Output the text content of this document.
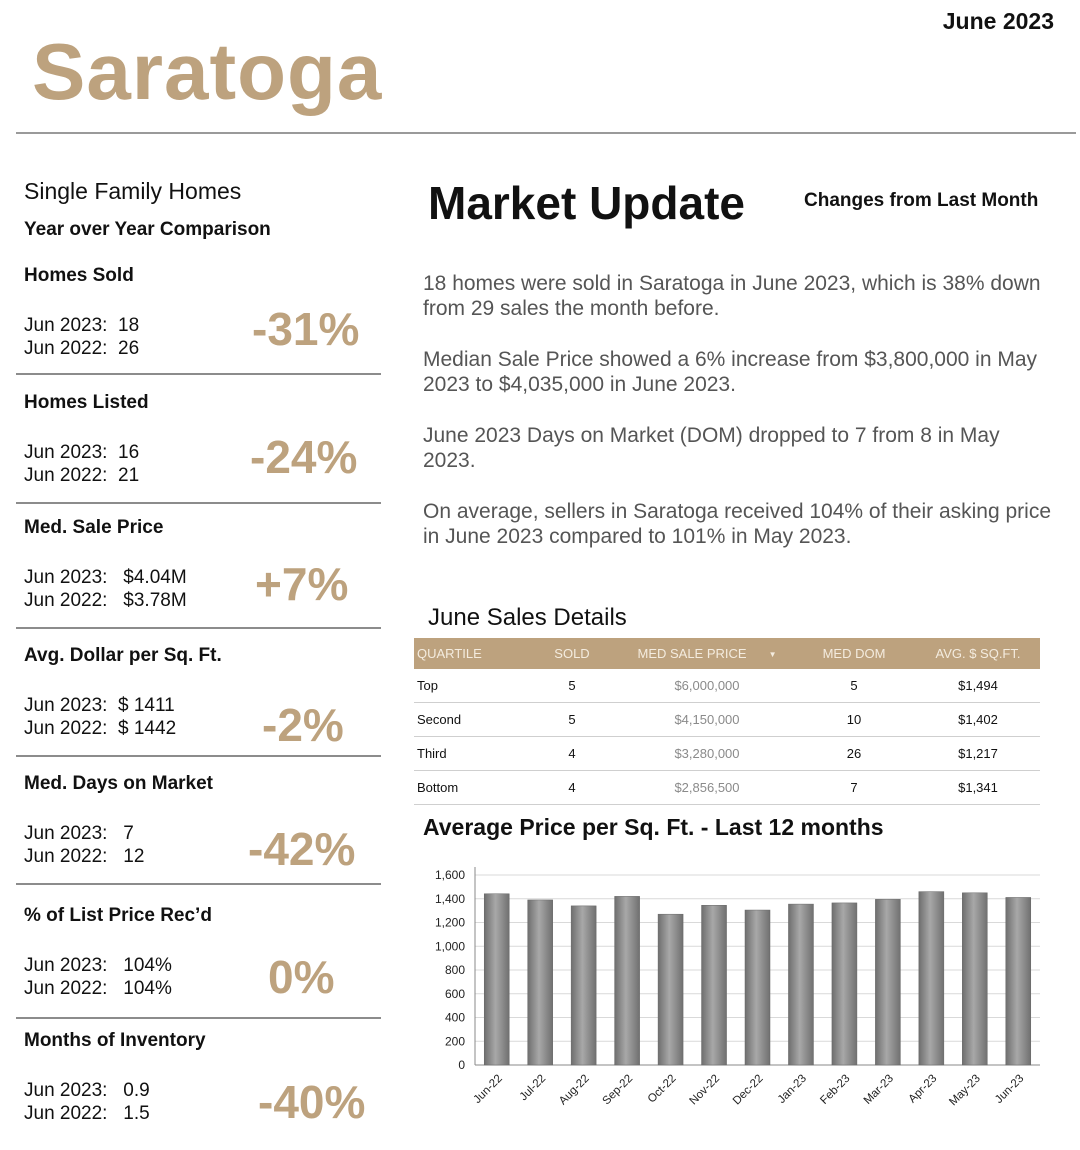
June 2023
Saratoga
Single Family Homes
Year over Year Comparison
Homes Sold
Jun 2023:  18
Jun 2022:  26 -31%
Homes Listed
Jun 2023:  16
Jun 2022:  21 -24%
Med. Sale Price
Jun 2023:   $4.04M
Jun 2022:   $3.78M +7%
Avg. Dollar per Sq. Ft.
Jun 2023:  $ 1411
Jun 2022:  $ 1442 -2%
Med. Days on Market
Jun 2023:   7
Jun 2022:   12 -42%
% of List Price Rec’d
Jun 2023:   104%
Jun 2022:   104% 0%
Months of Inventory
Jun 2023:   0.9
Jun 2022:   1.5 -40%
Market Update	Changes from Last Month
18 homes were sold in Saratoga in June 2023, which is 38% down from 29 sales the month before.
Median Sale Price showed a 6% increase from $3,800,000 in May 2023 to $4,035,000 in June 2023.
June 2023 Days on Market (DOM) dropped to 7 from 8 in May 2023.
On average, sellers in Saratoga received 104% of their asking price in June 2023 compared to 101% in May 2023.
June Sales Details
QUARTILE	SOLD	MED SALE PRICE ▼	MED DOM	AVG. $ SQ.FT.
Top	5	$6,000,000	5	$1,494
Second	5	$4,150,000	10	$1,402
Third	4	$3,280,000	26	$1,217
Bottom	4	$2,856,500	7	$1,341
Average Price per Sq. Ft. - Last 12 months
0
200
400
600
800
1,000
1,200
1,400
1,600
Jun-22 Jul-22 Aug-22 Sep-22 Oct-22 Nov-22 Dec-22 Jan-23 Feb-23 Mar-23 Apr-23 May-23 Jun-23
